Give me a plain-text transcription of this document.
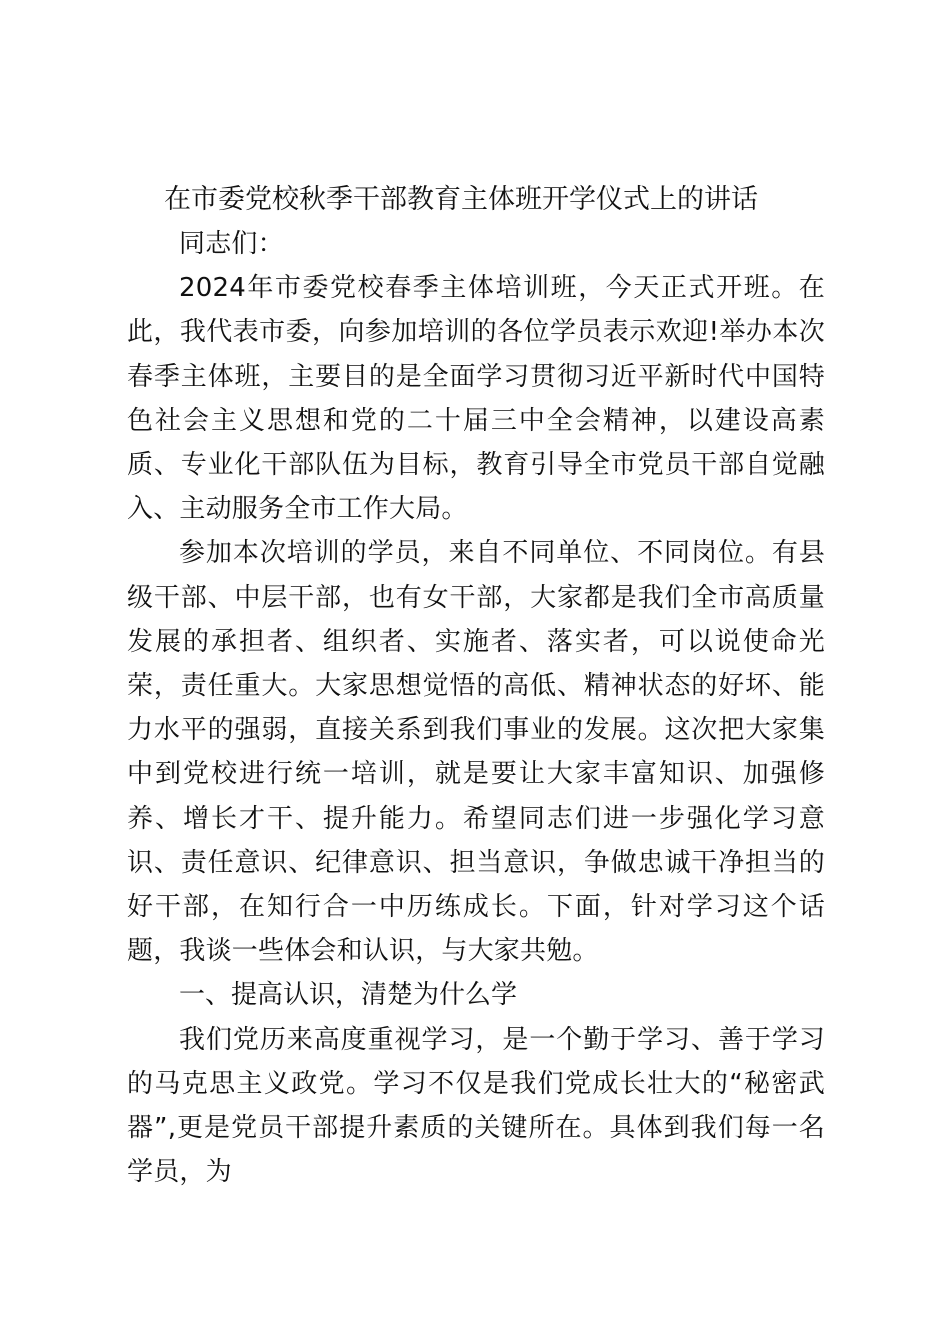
在市委党校秋季干部教育主体班开学仪式上的讲话

同志们：

2024年市委党校春季主体培训班，今天正式开班。在此，我代表市委，向参加培训的各位学员表示欢迎!举办本次春季主体班，主要目的是全面学习贯彻习近平新时代中国特色社会主义思想和党的二十届三中全会精神，以建设高素质、专业化干部队伍为目标，教育引导全市党员干部自觉融入、主动服务全市工作大局。

参加本次培训的学员，来自不同单位、不同岗位。有县级干部、中层干部，也有女干部，大家都是我们全市高质量发展的承担者、组织者、实施者、落实者，可以说使命光荣，责任重大。大家思想觉悟的高低、精神状态的好坏、能力水平的强弱，直接关系到我们事业的发展。这次把大家集中到党校进行统一培训，就是要让大家丰富知识、加强修养、增长才干、提升能力。希望同志们进一步强化学习意识、责任意识、纪律意识、担当意识，争做忠诚干净担当的好干部，在知行合一中历练成长。下面，针对学习这个话题，我谈一些体会和认识，与大家共勉。

一、提高认识，清楚为什么学

我们党历来高度重视学习，是一个勤于学习、善于学习的马克思主义政党。学习不仅是我们党成长壮大的“秘密武器”,更是党员干部提升素质的关键所在。具体到我们每一名学员，为
